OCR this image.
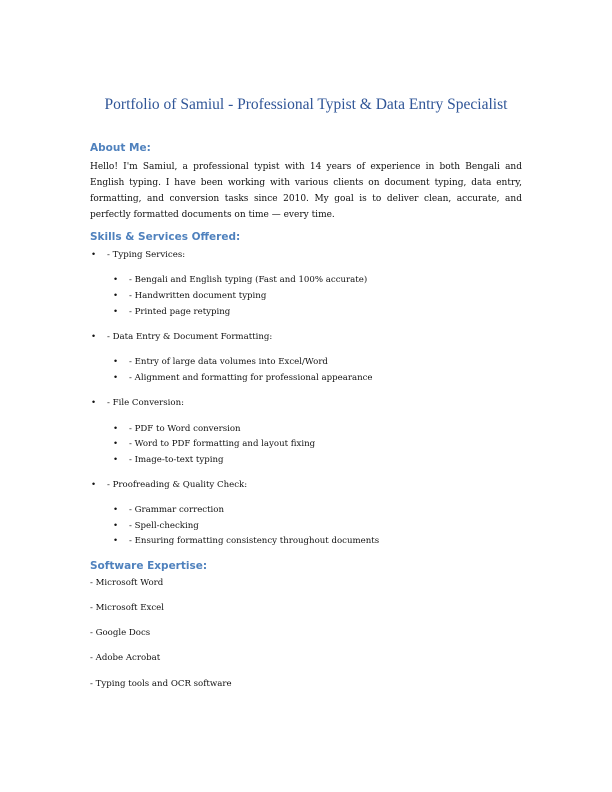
Portfolio of Samiul - Professional Typist & Data Entry Specialist
About Me:
Hello! I'm Samiul, a professional typist with 14 years of experience in both Bengali and English typing. I have been working with various clients on document typing, data entry, formatting, and conversion tasks since 2010. My goal is to deliver clean, accurate, and perfectly formatted documents on time — every time.
Skills & Services Offered:
• - Typing Services:
• - Bengali and English typing (Fast and 100% accurate)
• - Handwritten document typing
• - Printed page retyping
• - Data Entry & Document Formatting:
• - Entry of large data volumes into Excel/Word
• - Alignment and formatting for professional appearance
• - File Conversion:
• - PDF to Word conversion
• - Word to PDF formatting and layout fixing
• - Image-to-text typing
• - Proofreading & Quality Check:
• - Grammar correction
• - Spell-checking
• - Ensuring formatting consistency throughout documents
Software Expertise:
- Microsoft Word
- Microsoft Excel
- Google Docs
- Adobe Acrobat
- Typing tools and OCR software
